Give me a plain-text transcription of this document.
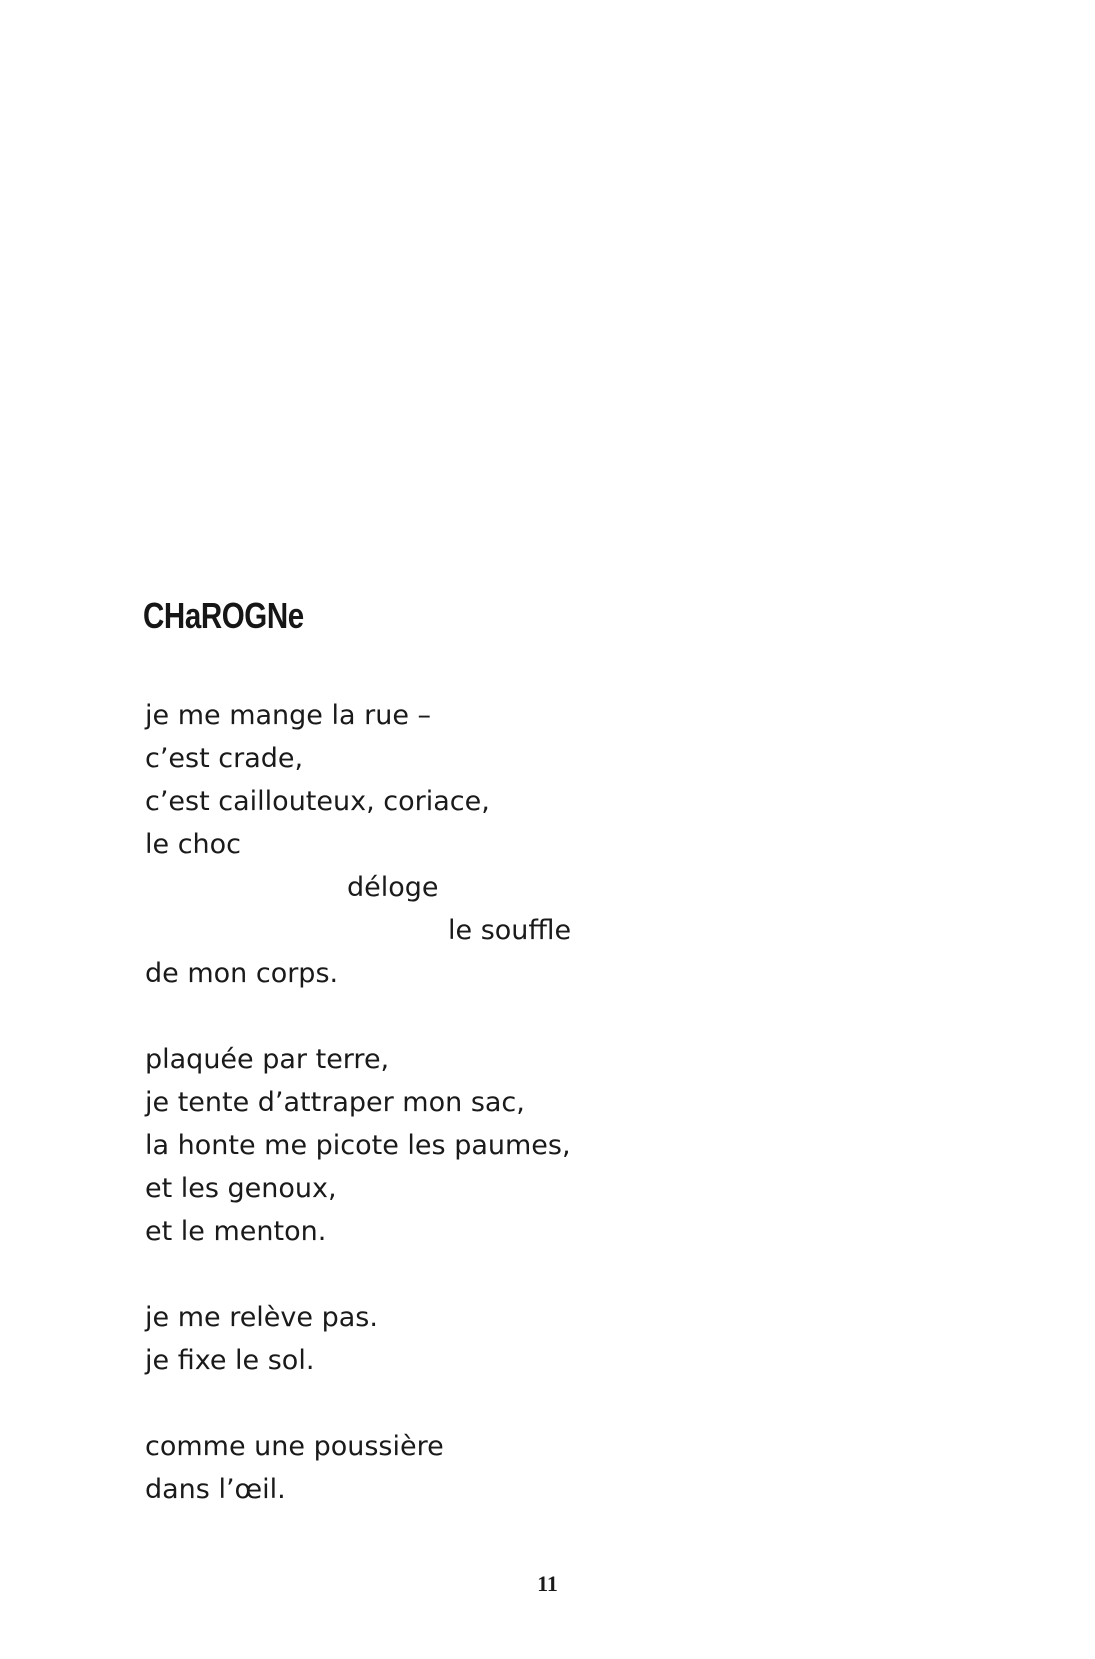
CHaROGNe
je me mange la rue –
c’est crade,
c’est caillouteux, coriace,
le choc
déloge
le souffle
de mon corps.
plaquée par terre,
je tente d’attraper mon sac,
la honte me picote les paumes,
et les genoux,
et le menton.
je me relève pas.
je fixe le sol.
comme une poussière
dans l’œil.
11
